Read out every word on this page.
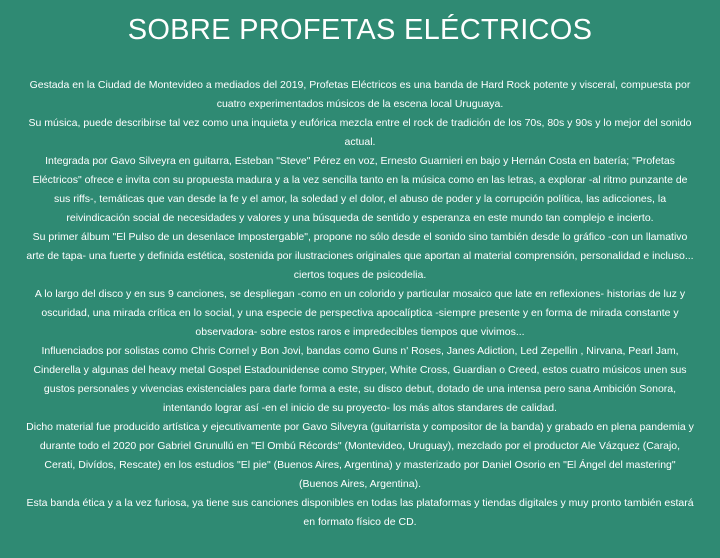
SOBRE PROFETAS ELÉCTRICOS

Gestada en la Ciudad de Montevideo a mediados del 2019, Profetas Eléctricos es una banda de Hard Rock potente y visceral, compuesta por cuatro experimentados músicos de la escena local Uruguaya.

Su música, puede describirse tal vez como una inquieta y eufórica mezcla entre el rock de tradición de los 70s, 80s y 90s y lo mejor del sonido actual.

Integrada por Gavo Silveyra en guitarra, Esteban "Steve" Pérez en voz, Ernesto Guarnieri en bajo y Hernán Costa en batería; "Profetas Eléctricos" ofrece e invita con su propuesta madura y a la vez sencilla tanto en la música como en las letras, a explorar -al ritmo punzante de sus riffs-, temáticas que van desde la fe y el amor, la soledad y el dolor, el abuso de poder y la corrupción política, las adicciones, la reivindicación social de necesidades y valores y una búsqueda de sentido y esperanza en este mundo tan complejo e incierto.

Su primer álbum "El Pulso de un desenlace Impostergable", propone no sólo desde el sonido sino también desde lo gráfico -con un llamativo arte de tapa- una fuerte y definida estética, sostenida por ilustraciones originales que aportan al material comprensión, personalidad e incluso... ciertos toques de psicodelia.

A lo largo del disco y en sus 9 canciones, se despliegan -como en un colorido y particular mosaico que late en reflexiones- historias de luz y oscuridad, una mirada crítica en lo social, y una especie de perspectiva apocalíptica -siempre presente y en forma de mirada constante y observadora- sobre estos raros e impredecibles tiempos que vivimos...

Influenciados por solistas como Chris Cornel y Bon Jovi, bandas como Guns n' Roses, Janes Adiction, Led Zepellin , Nirvana, Pearl Jam, Cinderella y algunas del heavy metal Gospel Estadounidense como Stryper, White Cross, Guardian o Creed, estos cuatro músicos unen sus gustos personales y vivencias existenciales para darle forma a este, su disco debut, dotado de una intensa pero sana Ambición Sonora, intentando lograr así -en el inicio de su proyecto- los más altos standares de calidad.

Dicho material fue producido artística y ejecutivamente por Gavo Silveyra (guitarrista y compositor de la banda) y grabado en plena pandemia y durante todo el 2020 por Gabriel Grunullú en "El Ombú Récords" (Montevideo, Uruguay), mezclado por el productor Ale Vázquez (Carajo, Cerati, Divídos, Rescate) en los estudios "El pie" (Buenos Aires, Argentina) y masterizado por Daniel Osorio en "El Ángel del mastering" (Buenos Aires, Argentina).

Esta banda ética y a la vez furiosa, ya tiene sus canciones disponibles en todas las plataformas y tiendas digitales y muy pronto también estará en formato físico de CD.
